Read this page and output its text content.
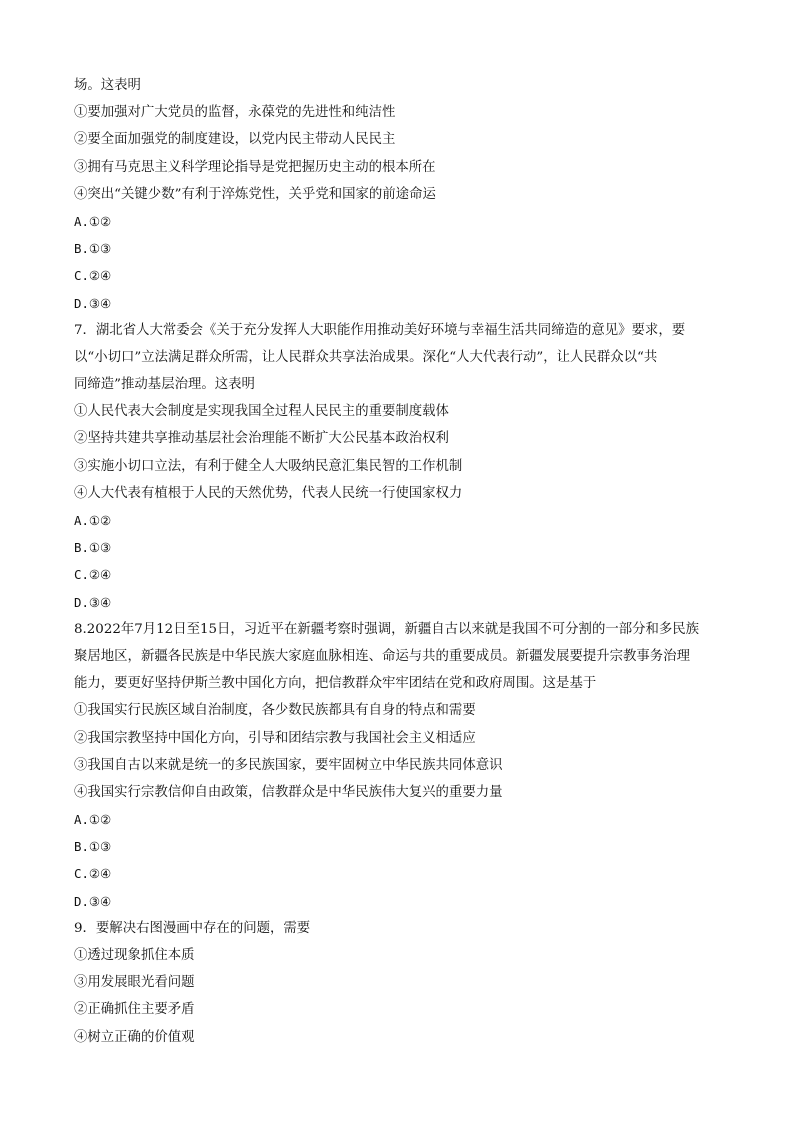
场。这表明
①要加强对广大党员的监督，永葆党的先进性和纯洁性
②要全面加强党的制度建设，以党内民主带动人民民主
③拥有马克思主义科学理论指导是党把握历史主动的根本所在
④突出“关键少数”有利于淬炼党性，关乎党和国家的前途命运
A.①②
B.①③
C.②④
D.③④
7．湖北省人大常委会《关于充分发挥人大职能作用推动美好环境与幸福生活共同缔造的意见》要求，要
以“小切口”立法满足群众所需，让人民群众共享法治成果。深化“人大代表行动”，让人民群众以“共
同缔造”推动基层治理。这表明
①人民代表大会制度是实现我国全过程人民民主的重要制度载体
②坚持共建共享推动基层社会治理能不断扩大公民基本政治权利
③实施小切口立法，有利于健全人大吸纳民意汇集民智的工作机制
④人大代表有植根于人民的天然优势，代表人民统一行使国家权力
A.①②
B.①③
C.②④
D.③④
8.2022年7月12日至15日，习近平在新疆考察时强调，新疆自古以来就是我国不可分割的一部分和多民族
聚居地区，新疆各民族是中华民族大家庭血脉相连、命运与共的重要成员。新疆发展要提升宗教事务治理
能力，要更好坚持伊斯兰教中国化方向，把信教群众牢牢团结在党和政府周围。这是基于
①我国实行民族区域自治制度，各少数民族都具有自身的特点和需要
②我国宗教坚持中国化方向，引导和团结宗教与我国社会主义相适应
③我国自古以来就是统一的多民族国家，要牢固树立中华民族共同体意识
④我国实行宗教信仰自由政策，信教群众是中华民族伟大复兴的重要力量
A.①②
B.①③
C.②④
D.③④
9．要解决右图漫画中存在的问题，需要
①透过现象抓住本质
③用发展眼光看问题
②正确抓住主要矛盾
④树立正确的价值观
